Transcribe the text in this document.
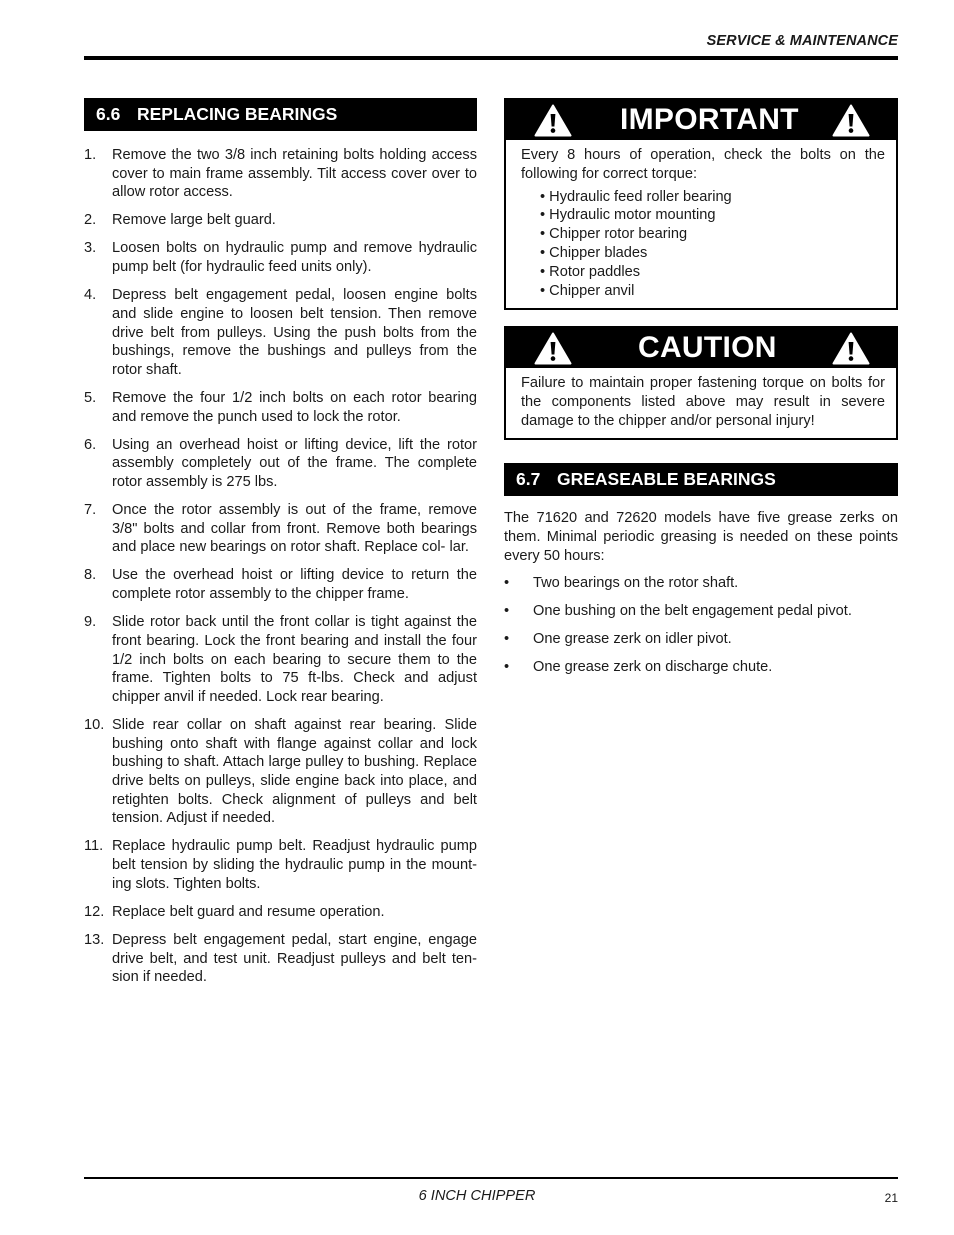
SERVICE & MAINTENANCE
6.6 REPLACING BEARINGS
1.	Remove the two 3/8 inch retaining bolts holding access cover to main frame assembly. Tilt access cover over to allow rotor access.
2.	Remove large belt guard.
3.	Loosen bolts on hydraulic pump and remove hydraulic pump belt (for hydraulic feed units only).
4.	Depress belt engagement pedal, loosen engine bolts and slide engine to loosen belt tension. Then remove drive belt from pulleys. Using the push bolts from the bushings, remove the bushings and pulleys from the rotor shaft.
5.	Remove the four 1/2 inch bolts on each rotor bearing and remove the punch used to lock the rotor.
6.	Using an overhead hoist or lifting device, lift the rotor assembly completely out of the frame. The complete rotor assembly is 275 lbs.
7.	Once the rotor assembly is out of the frame, remove 3/8" bolts and collar from front. Remove both bearings and place new bearings on rotor shaft. Replace col- lar.
8.	Use the overhead hoist or lifting device to return the complete rotor assembly to the chipper frame.
9.	Slide rotor back until the front collar is tight against the front bearing. Lock the front bearing and install the four 1/2 inch bolts on each bearing to secure them to the frame. Tighten bolts to 75 ft-lbs. Check and adjust chipper anvil if needed. Lock rear bearing.
10. Slide rear collar on shaft against rear bearing. Slide bushing onto shaft with flange against collar and lock bushing to shaft. Attach large pulley to bushing. Replace drive belts on pulleys, slide engine back into place, and retighten bolts. Check alignment of pulleys and belt tension. Adjust if needed.
11. Replace hydraulic pump belt. Readjust hydraulic pump belt tension by sliding the hydraulic pump in the mount- ing slots. Tighten bolts.
12. Replace belt guard and resume operation.
13. Depress belt engagement pedal, start engine, engage drive belt, and test unit. Readjust pulleys and belt ten- sion if needed.
IMPORTANT
Every 8 hours of operation, check the bolts on the following for correct torque:
• Hydraulic feed roller bearing
• Hydraulic motor mounting
• Chipper rotor bearing
• Chipper blades
• Rotor paddles
• Chipper anvil
CAUTION
Failure to maintain proper fastening torque on bolts for the components listed above may result in severe damage to the chipper and/or personal injury!
6.7 GREASEABLE BEARINGS

The 71620 and 72620 models have five grease zerks on them. Minimal periodic greasing is needed on these points every 50 hours:

•	Two bearings on the rotor shaft.
•	One bushing on the belt engagement pedal pivot.
•	One grease zerk on idler pivot.
•	One grease zerk on discharge chute.
6 INCH CHIPPER	21
